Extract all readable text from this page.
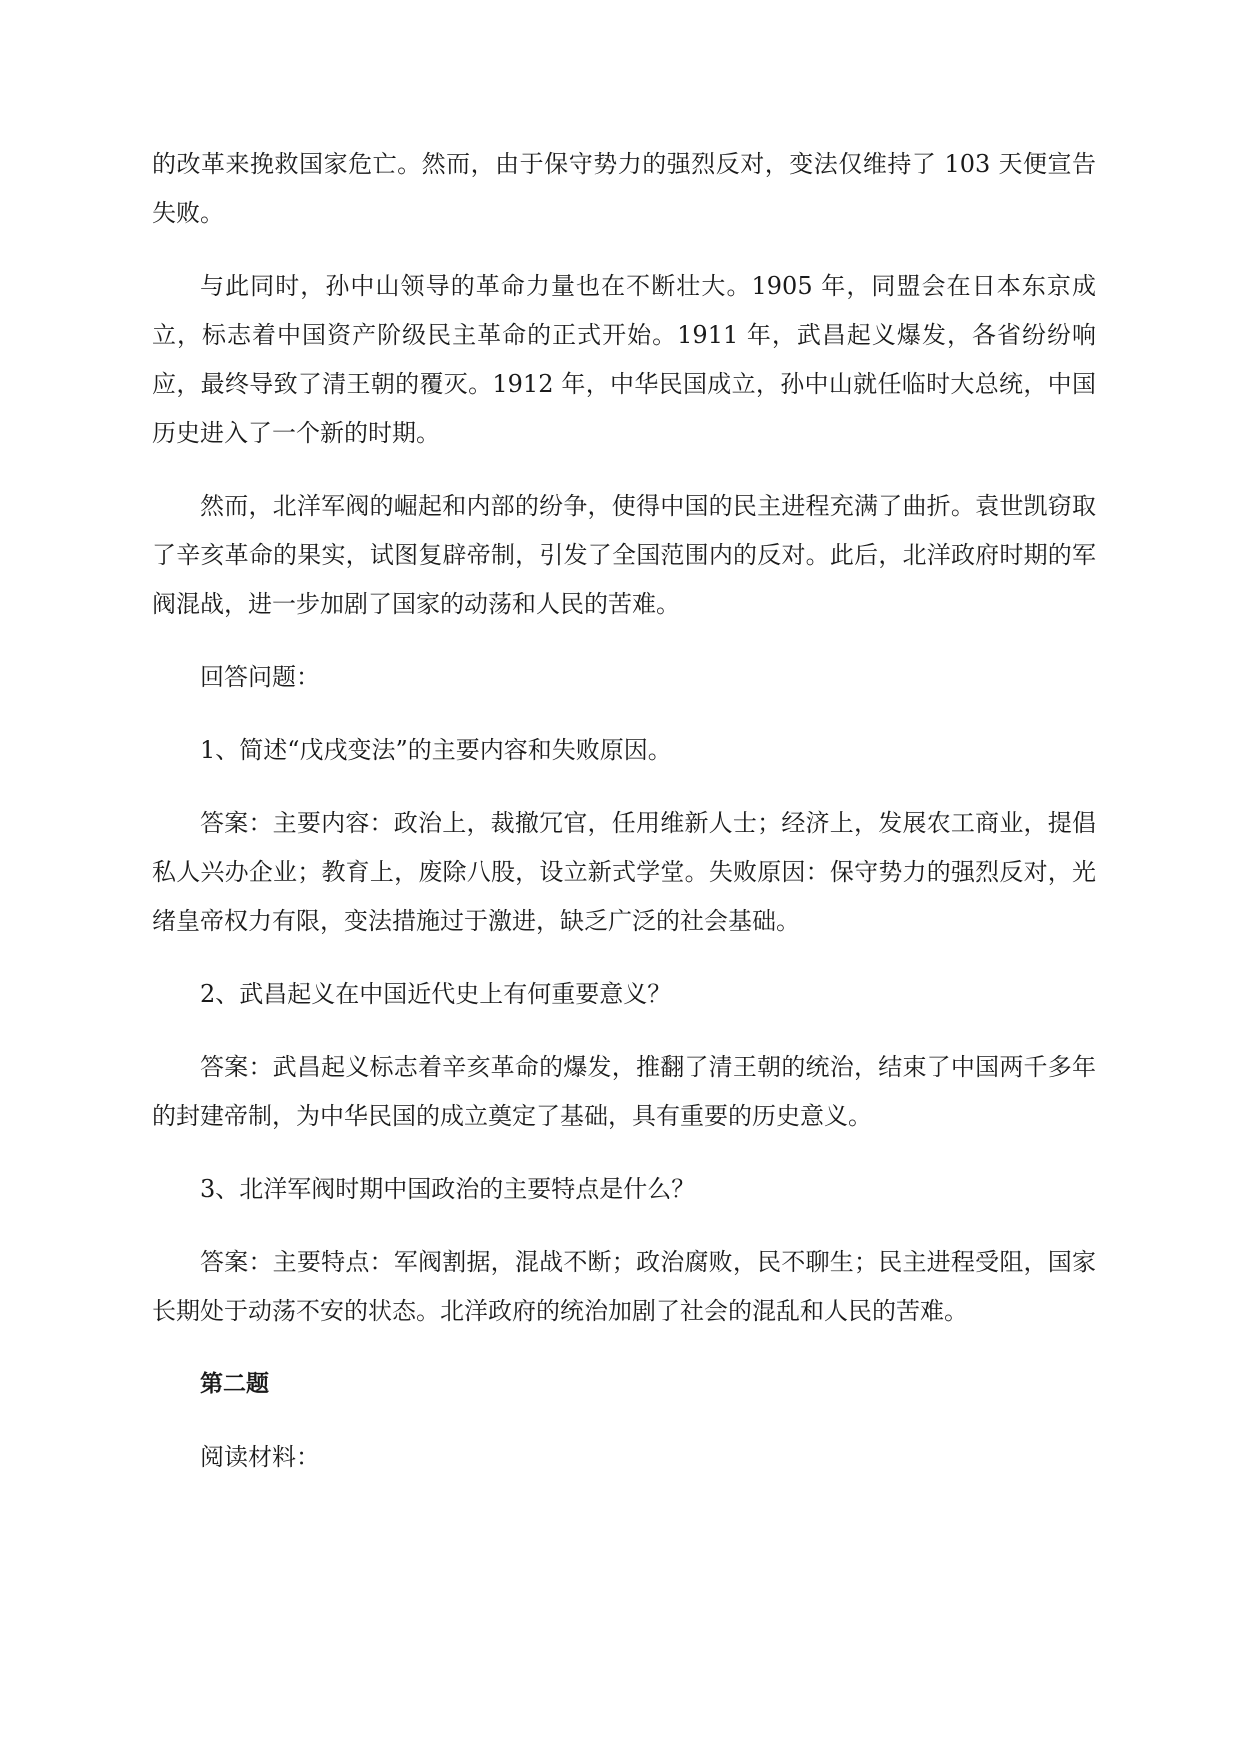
的改革来挽救国家危亡。然而，由于保守势力的强烈反对，变法仅维持了 103 天便宣告失败。

与此同时，孙中山领导的革命力量也在不断壮大。1905 年，同盟会在日本东京成立，标志着中国资产阶级民主革命的正式开始。1911 年，武昌起义爆发，各省纷纷响应，最终导致了清王朝的覆灭。1912 年，中华民国成立，孙中山就任临时大总统，中国历史进入了一个新的时期。

然而，北洋军阀的崛起和内部的纷争，使得中国的民主进程充满了曲折。袁世凯窃取了辛亥革命的果实，试图复辟帝制，引发了全国范围内的反对。此后，北洋政府时期的军阀混战，进一步加剧了国家的动荡和人民的苦难。

回答问题：

1、简述“戊戌变法”的主要内容和失败原因。

答案：主要内容：政治上，裁撤冗官，任用维新人士；经济上，发展农工商业，提倡私人兴办企业；教育上，废除八股，设立新式学堂。失败原因：保守势力的强烈反对，光绪皇帝权力有限，变法措施过于激进，缺乏广泛的社会基础。

2、武昌起义在中国近代史上有何重要意义？

答案：武昌起义标志着辛亥革命的爆发，推翻了清王朝的统治，结束了中国两千多年的封建帝制，为中华民国的成立奠定了基础，具有重要的历史意义。

3、北洋军阀时期中国政治的主要特点是什么？

答案：主要特点：军阀割据，混战不断；政治腐败，民不聊生；民主进程受阻，国家长期处于动荡不安的状态。北洋政府的统治加剧了社会的混乱和人民的苦难。

第二题

阅读材料：
